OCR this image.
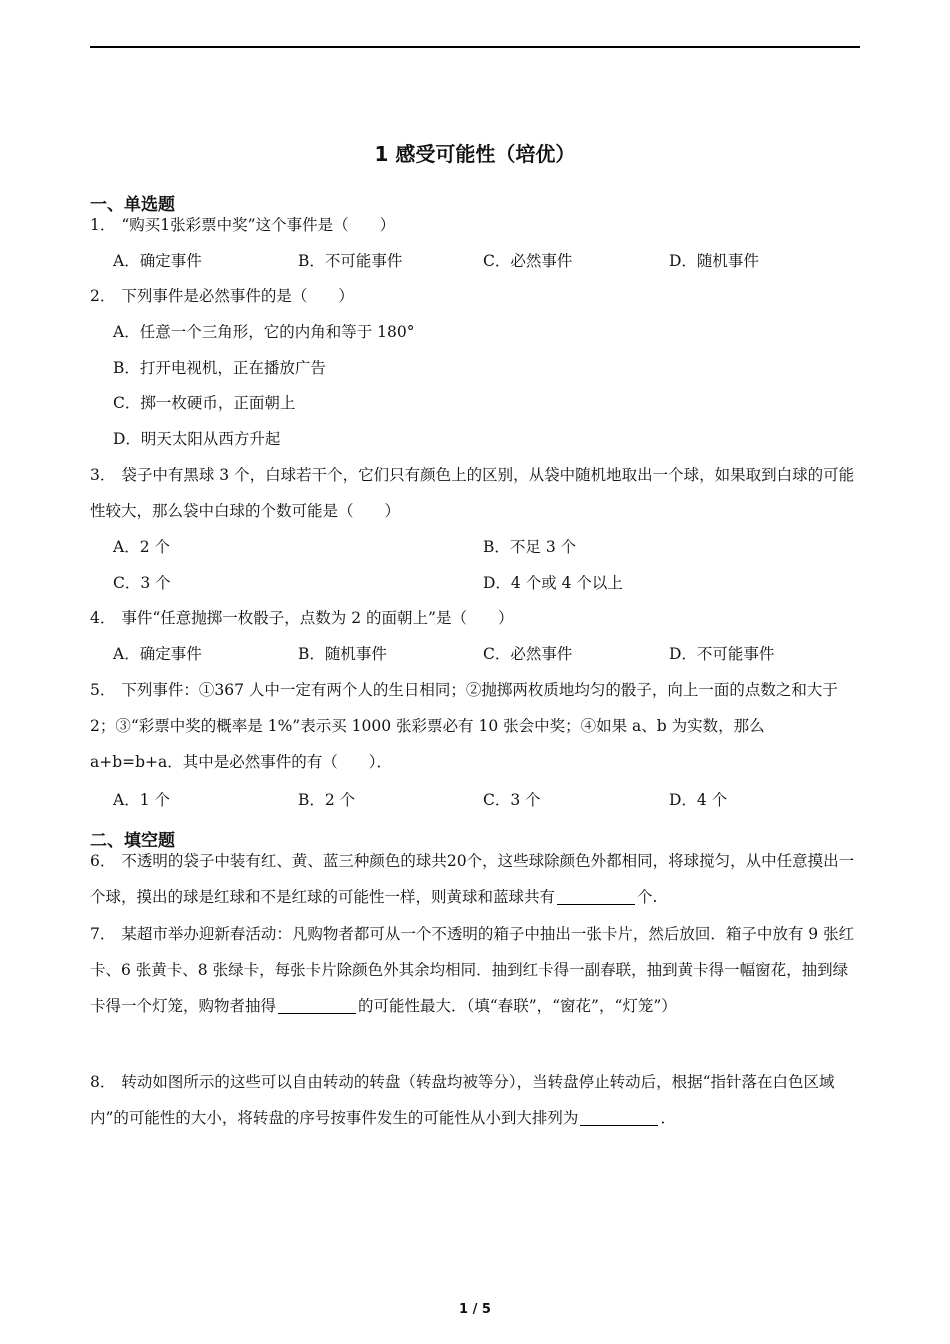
1 感受可能性（培优）
一、单选题
1． “购买1张彩票中奖”这个事件是（　　）
A．确定事件	B．不可能事件	C．必然事件	D．随机事件
2． 下列事件是必然事件的是（　　）
A．任意一个三角形，它的内角和等于 180°
B．打开电视机，正在播放广告
C．掷一枚硬币，正面朝上
D．明天太阳从西方升起
3． 袋子中有黑球 3 个，白球若干个，它们只有颜色上的区别，从袋中随机地取出一个球，如果取到白球的可能性较大，那么袋中白球的个数可能是（　　）
A．2 个	B．不足 3 个
C．3 个	D．4 个或 4 个以上
4． 事件“任意抛掷一枚骰子，点数为 2 的面朝上”是（　　）
A．确定事件	B．随机事件	C．必然事件	D．不可能事件
5． 下列事件：①367 人中一定有两个人的生日相同；②抛掷两枚质地均匀的骰子，向上一面的点数之和大于 2；③“彩票中奖的概率是 1%”表示买 1000 张彩票必有 10 张会中奖；④如果 a、b 为实数，那么 a+b=b+a．其中是必然事件的有（　　）．
A．1 个	B．2 个	C．3 个	D．4 个
二、填空题
6． 不透明的袋子中装有红、黄、蓝三种颜色的球共20个，这些球除颜色外都相同，将球搅匀，从中任意摸出一个球，摸出的球是红球和不是红球的可能性一样，则黄球和蓝球共有	个.
7． 某超市举办迎新春活动：凡购物者都可从一个不透明的箱子中抽出一张卡片，然后放回．箱子中放有 9 张红卡、6 张黄卡、8 张绿卡，每张卡片除颜色外其余均相同．抽到红卡得一副春联，抽到黄卡得一幅窗花，抽到绿卡得一个灯笼，购物者抽得	的可能性最大．（填“春联”，“窗花”，“灯笼”）
8． 转动如图所示的这些可以自由转动的转盘（转盘均被等分），当转盘停止转动后，根据“指针落在白色区域内”的可能性的大小，将转盘的序号按事件发生的可能性从小到大排列为	．
1 / 5
